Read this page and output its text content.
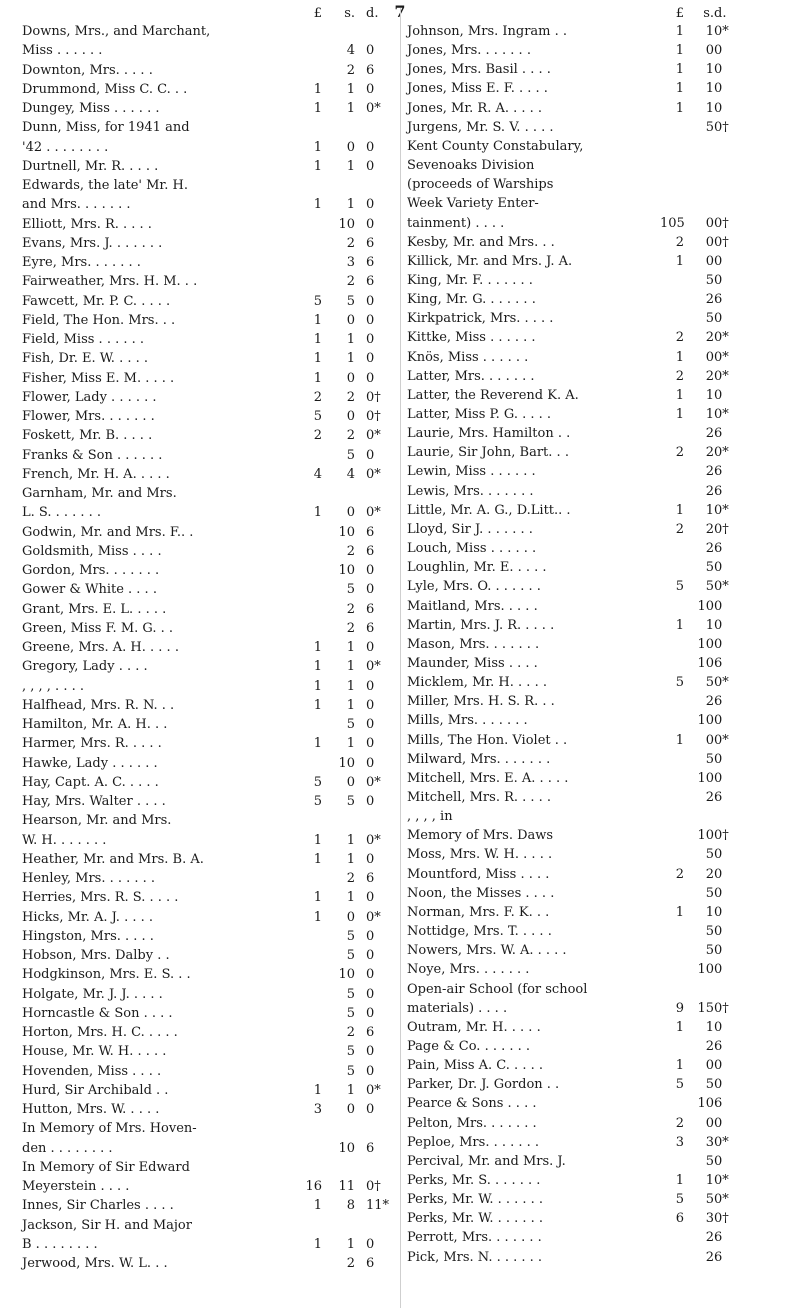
7
£	s. d.
Downs, Mrs., and Marchant,
Miss . . . . . .	4 0
Downton, Mrs. . . . .	2 6
Drummond, Miss C. C. . .	1	1 0
Dungey, Miss . . . . . .	1	1 0*
Dunn, Miss, for 1941 and
'42 . . . . . . . .	1	0 0
Durtnell, Mr. R. . . . .	1	1 0
Edwards, the late' Mr. H.
and Mrs. . . . . . .	1	1 0
Elliott, Mrs. R. . . . .	10 0
Evans, Mrs. J. . . . . . .	2 6
Eyre, Mrs. . . . . . .	3 6
Fairweather, Mrs. H. M. . .	2 6
Fawcett, Mr. P. C. . . . .	5	5 0
Field, The Hon. Mrs. . .	1	0 0
Field, Miss . . . . . .	1	1 0
Fish, Dr. E. W. . . . .	1	1 0
Fisher, Miss E. M. . . . .	1	0 0
Flower, Lady . . . . . .	2	2 0†
Flower, Mrs. . . . . . .	5	0 0†
Foskett, Mr. B. . . . .	2	2 0*
Franks & Son . . . . . .	5 0
French, Mr. H. A. . . . .	4	4 0*
Garnham, Mr. and Mrs.
L. S. . . . . . .	1	0 0*
Godwin, Mr. and Mrs. F.. .	10 6
Goldsmith, Miss . . . .	2 6
Gordon, Mrs. . . . . . .	10 0
Gower & White . . . .	5 0
Grant, Mrs. E. L. . . . .	2 6
Green, Miss F. M. G. . .	2 6
Greene, Mrs. A. H. . . . .	1	1 0
Gregory, Lady . . . .	1	1 0*
, , , , . . . .	1	1 0
Halfhead, Mrs. R. N. . .	1	1 0
Hamilton, Mr. A. H. . .	5 0
Harmer, Mrs. R. . . . .	1	1 0
Hawke, Lady . . . . . .	10 0
Hay, Capt. A. C. . . . .	5	0 0*
Hay, Mrs. Walter . . . .	5	5 0
Hearson, Mr. and Mrs.
W. H. . . . . . .	1	1 0*
Heather, Mr. and Mrs. B. A.	1	1 0
Henley, Mrs. . . . . . .	2 6
Herries, Mrs. R. S. . . . .	1	1 0
Hicks, Mr. A. J. . . . .	1	0 0*
Hingston, Mrs. . . . .	5 0
Hobson, Mrs. Dalby . .	5 0
Hodgkinson, Mrs. E. S. . .	10 0
Holgate, Mr. J. J. . . . .	5 0
Horncastle & Son . . . .	5 0
Horton, Mrs. H. C. . . . .	2 6
House, Mr. W. H. . . . .	5 0
Hovenden, Miss . . . .	5 0
Hurd, Sir Archibald . .	1	1 0*
Hutton, Mrs. W. . . . .	3	0 0
In Memory of Mrs. Hoven-
den . . . . . . . .	10 6
In Memory of Sir Edward
Meyerstein . . . .	16	11 0†
Innes, Sir Charles . . . .	1	8 11*
Jackson, Sir H. and Major
B . . . . . . . .	1	1 0
Jerwood, Mrs. W. L. . .	2 6
£	s. d.
Johnson, Mrs. Ingram . .	1	1 0*
Jones, Mrs. . . . . . .	1	0 0
Jones, Mrs. Basil . . . .	1	1 0
Jones, Miss E. F. . . . .	1	1 0
Jones, Mr. R. A. . . . .	1	1 0
Jurgens, Mr. S. V. . . . .	5 0†
Kent County Constabulary,
Sevenoaks Division
(proceeds of Warships
Week Variety Enter-
tainment) . . . .	105	0 0†
Kesby, Mr. and Mrs. . .	2	0 0†
Killick, Mr. and Mrs. J. A.	1	0 0
King, Mr. F. . . . . . .	5 0
King, Mr. G. . . . . . .	2 6
Kirkpatrick, Mrs. . . . .	5 0
Kittke, Miss . . . . . .	2	2 0*
Knös, Miss . . . . . .	1	0 0*
Latter, Mrs. . . . . . .	2	2 0*
Latter, the Reverend K. A.	1	1 0
Latter, Miss P. G. . . . .	1	1 0*
Laurie, Mrs. Hamilton . .	2 6
Laurie, Sir John, Bart. . .	2	2 0*
Lewin, Miss . . . . . .	2 6
Lewis, Mrs. . . . . . .	2 6
Little, Mr. A. G., D.Litt.. .	1	1 0*
Lloyd, Sir J. . . . . . .	2	2 0†
Louch, Miss . . . . . .	2 6
Loughlin, Mr. E. . . . .	5 0
Lyle, Mrs. O. . . . . . .	5	5 0*
Maitland, Mrs. . . . .	10 0
Martin, Mrs. J. R. . . . .	1	1 0
Mason, Mrs. . . . . . .	10 0
Maunder, Miss . . . .	10 6
Micklem, Mr. H. . . . .	5	5 0*
Miller, Mrs. H. S. R. . .	2 6
Mills, Mrs. . . . . . .	10 0
Mills, The Hon. Violet . .	1	0 0*
Milward, Mrs. . . . . . .	5 0
Mitchell, Mrs. E. A. . . . .	10 0
Mitchell, Mrs. R. . . . .	2 6
, , , , in
Memory of Mrs. Daws	10 0†
Moss, Mrs. W. H. . . . .	5 0
Mountford, Miss . . . .	2	2 0
Noon, the Misses . . . .	5 0
Norman, Mrs. F. K. . .	1	1 0
Nottidge, Mrs. T. . . . .	5 0
Nowers, Mrs. W. A. . . . .	5 0
Noye, Mrs. . . . . . .	10 0
Open-air School (for school
materials) . . . .	9	15 0†
Outram, Mr. H. . . . .	1	1 0
Page & Co. . . . . . .	2 6
Pain, Miss A. C. . . . .	1	0 0
Parker, Dr. J. Gordon . .	5	5 0
Pearce & Sons . . . .	10 6
Pelton, Mrs. . . . . . .	2	0 0
Peploe, Mrs. . . . . . .	3	3 0*
Percival, Mr. and Mrs. J.	5 0
Perks, Mr. S. . . . . . .	1	1 0*
Perks, Mr. W. . . . . . .	5	5 0*
Perks, Mr. W. . . . . . .	6	3 0†
Perrott, Mrs. . . . . . .	2 6
Pick, Mrs. N. . . . . . .	2 6
